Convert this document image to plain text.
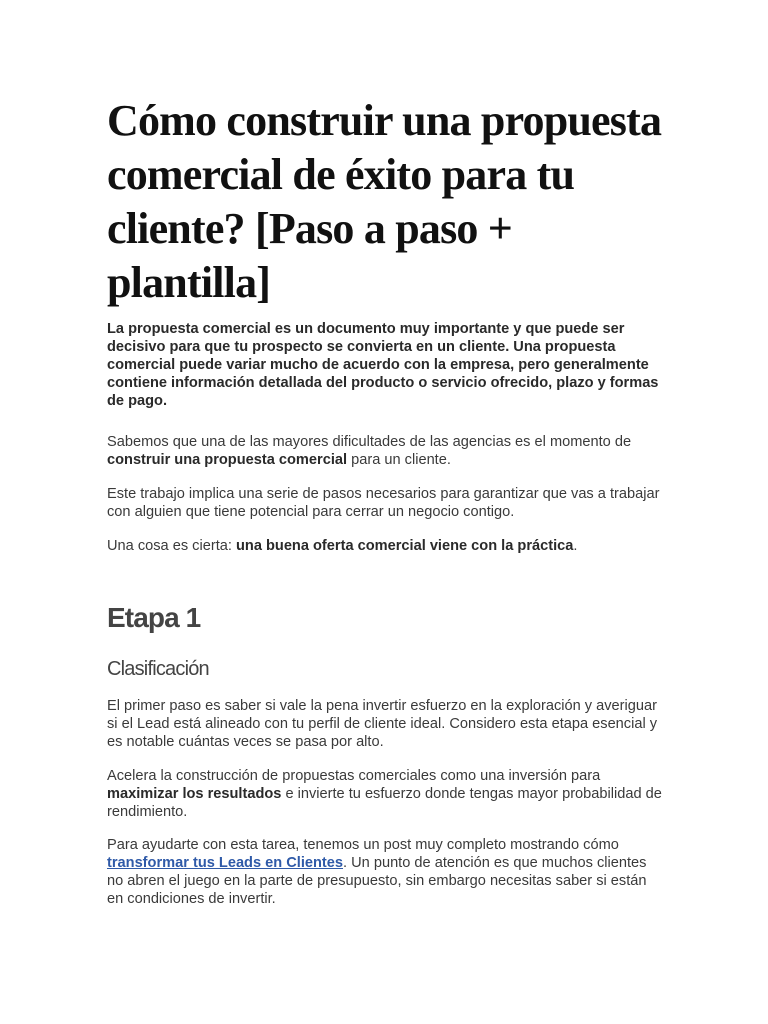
Cómo construir una propuesta comercial de éxito para tu cliente? [Paso a paso + plantilla]

La propuesta comercial es un documento muy importante y que puede ser decisivo para que tu prospecto se convierta en un cliente. Una propuesta comercial puede variar mucho de acuerdo con la empresa, pero generalmente contiene información detallada del producto o servicio ofrecido, plazo y formas de pago.

Sabemos que una de las mayores dificultades de las agencias es el momento de construir una propuesta comercial para un cliente.

Este trabajo implica una serie de pasos necesarios para garantizar que vas a trabajar con alguien que tiene potencial para cerrar un negocio contigo.

Una cosa es cierta: una buena oferta comercial viene con la práctica.

Etapa 1
Clasificación

El primer paso es saber si vale la pena invertir esfuerzo en la exploración y averiguar si el Lead está alineado con tu perfil de cliente ideal. Considero esta etapa esencial y es notable cuántas veces se pasa por alto.

Acelera la construcción de propuestas comerciales como una inversión para maximizar los resultados e invierte tu esfuerzo donde tengas mayor probabilidad de rendimiento.

Para ayudarte con esta tarea, tenemos un post muy completo mostrando cómo transformar tus Leads en Clientes. Un punto de atención es que muchos clientes no abren el juego en la parte de presupuesto, sin embargo necesitas saber si están en condiciones de invertir.
